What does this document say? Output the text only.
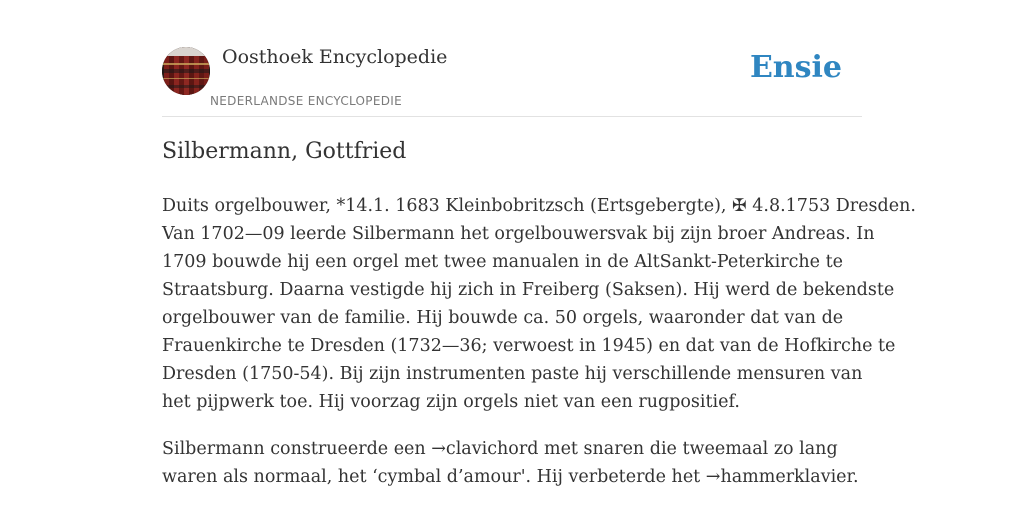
Oosthoek Encyclopedie
NEDERLANDSE ENCYCLOPEDIE
Ensie
Silbermann, Gottfried

Duits orgelbouwer, *14.1. 1683 Kleinbobritzsch (Ertsgebergte), ✠ 4.8.1753 Dresden.
Van 1702—09 leerde Silbermann het orgelbouwersvak bij zijn broer Andreas. In
1709 bouwde hij een orgel met twee manualen in de AltSankt-Peterkirche te
Straatsburg. Daarna vestigde hij zich in Freiberg (Saksen). Hij werd de bekendste
orgelbouwer van de familie. Hij bouwde ca. 50 orgels, waaronder dat van de
Frauenkirche te Dresden (1732—36; verwoest in 1945) en dat van de Hofkirche te
Dresden (1750-54). Bij zijn instrumenten paste hij verschillende mensuren van
het pijpwerk toe. Hij voorzag zijn orgels niet van een rugpositief.

Silbermann construeerde een →clavichord met snaren die tweemaal zo lang
waren als normaal, het ‘cymbal d’amour'. Hij verbeterde het →hammerklavier.
